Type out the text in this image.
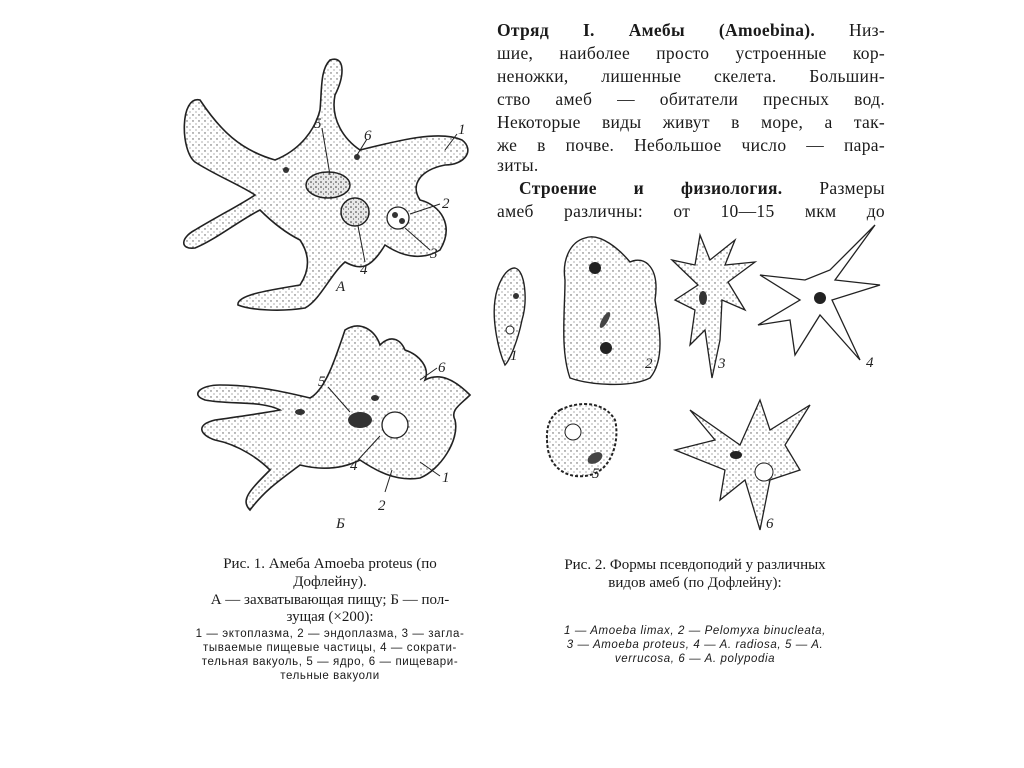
5
6	1
2
3
4
А
5
6
4
1
2
Б
1	2	3	4
5
6
Отряд I. Амебы (Amoebina). Низ-
шие, наиболее просто устроенные кор-
неножки, лишенные скелета. Большин-
ство амеб — обитатели пресных вод.
Некоторые виды живут в море, а так-
же в почве. Небольшое число — пара-
зиты.
Строение и физиология. Размеры
амеб различны: от 10—15 мкм до
Рис. 1. Амеба Amoeba proteus (по
Дофлейну).
А — захватывающая пищу; Б — пол-
зущая (×200):
1 — эктоплазма, 2 — эндоплазма, 3 — загла-
тываемые пищевые частицы, 4 — сократи-
тельная вакуоль, 5 — ядро, 6 — пищевари-
тельные вакуоли
Рис. 2. Формы псевдоподий у различных
видов амеб (по Дофлейну):
1 — Amoeba limax, 2 — Pelomyxa binucleata,
3 — Amoeba proteus, 4 — A. radiosa, 5 — A.
verrucosa, 6 — A. polypodia
